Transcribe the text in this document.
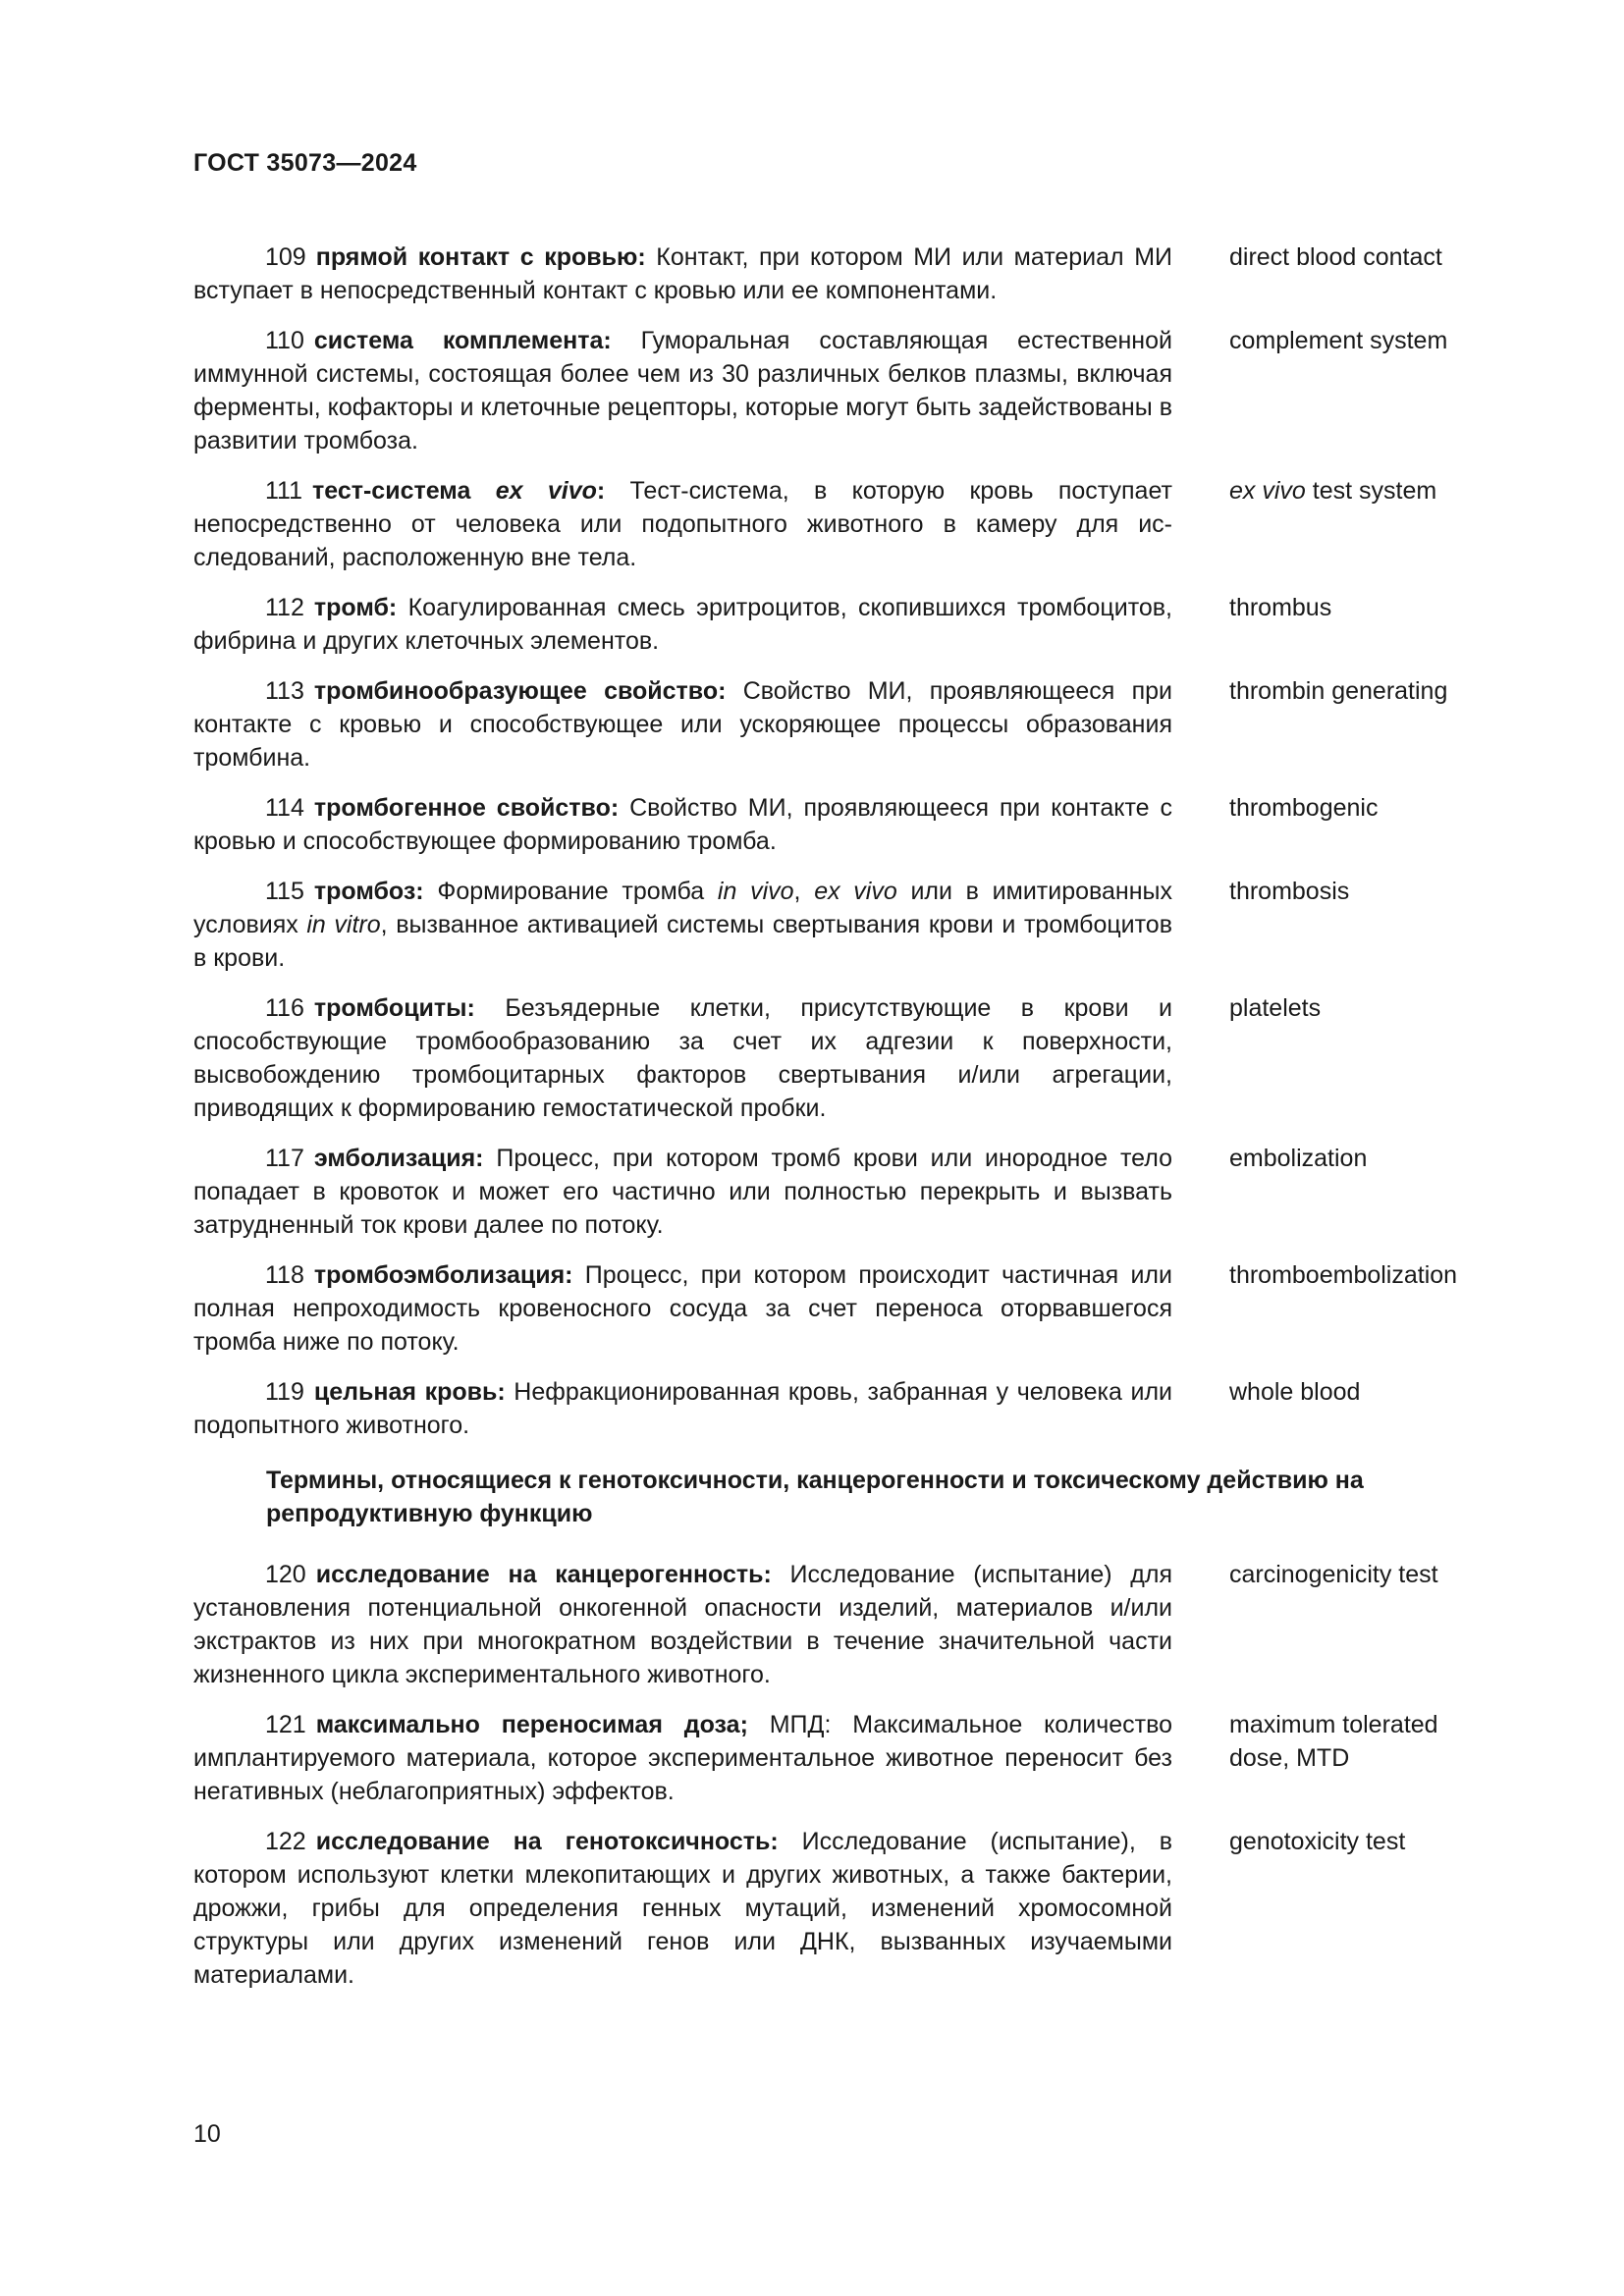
ГОСТ 35073—2024
109 прямой контакт с кровью: Контакт, при котором МИ или материал МИ вступает в непосредственный контакт с кровью или ее компонентами.
direct blood contact
110 система комплемента: Гуморальная составляющая естественной иммунной системы, состоящая более чем из 30 различных белков плазмы, включая ферменты, кофакторы и клеточные рецепторы, которые могут быть задействованы в развитии тромбоза.
complement system
111 тест-система ex vivo: Тест-система, в которую кровь поступает непосредственно от человека или подопытного животного в камеру для исследований, расположенную вне тела.
ex vivo test system
112 тромб: Коагулированная смесь эритроцитов, скопившихся тромбоцитов, фибрина и других клеточных элементов.
thrombus
113 тромбинообразующее свойство: Свойство МИ, проявляющееся при контакте с кровью и способствующее или ускоряющее процессы образования тромбина.
thrombin generating
114 тромбогенное свойство: Свойство МИ, проявляющееся при контакте с кровью и способствующее формированию тромба.
thrombogenic
115 тромбоз: Формирование тромба in vivo, ex vivo или в имитированных условиях in vitro, вызванное активацией системы свертывания крови и тромбоцитов в крови.
thrombosis
116 тромбоциты: Безъядерные клетки, присутствующие в крови и способствующие тромбообразованию за счет их адгезии к поверхности, высвобождению тромбоцитарных факторов свертывания и/или агрегации, приводящих к формированию гемостатической пробки.
platelets
117 эмболизация: Процесс, при котором тромб крови или инородное тело попадает в кровоток и может его частично или полностью перекрыть и вызвать затрудненный ток крови далее по потоку.
embolization
118 тромбоэмболизация: Процесс, при котором происходит частичная или полная непроходимость кровеносного сосуда за счет переноса оторвавшегося тромба ниже по потоку.
thromboembolization
119 цельная кровь: Нефракционированная кровь, забранная у человека или подопытного животного.
whole blood
Термины, относящиеся к генотоксичности, канцерогенности и токсическому действию на репродуктивную функцию
120 исследование на канцерогенность: Исследование (испытание) для установления потенциальной онкогенной опасности изделий, материалов и/или экстрактов из них при многократном воздействии в течение значительной части жизненного цикла экспериментального животного.
carcinogenicity test
121 максимально переносимая доза; МПД: Максимальное количество имплантируемого материала, которое экспериментальное животное переносит без негативных (неблагоприятных) эффектов.
maximum tolerated dose, MTD
122 исследование на генотоксичность: Исследование (испытание), в котором используют клетки млекопитающих и других животных, а также бактерии, дрожжи, грибы для определения генных мутаций, изменений хромосомной структуры или других изменений генов или ДНК, вызванных изучаемыми материалами.
genotoxicity test
10
